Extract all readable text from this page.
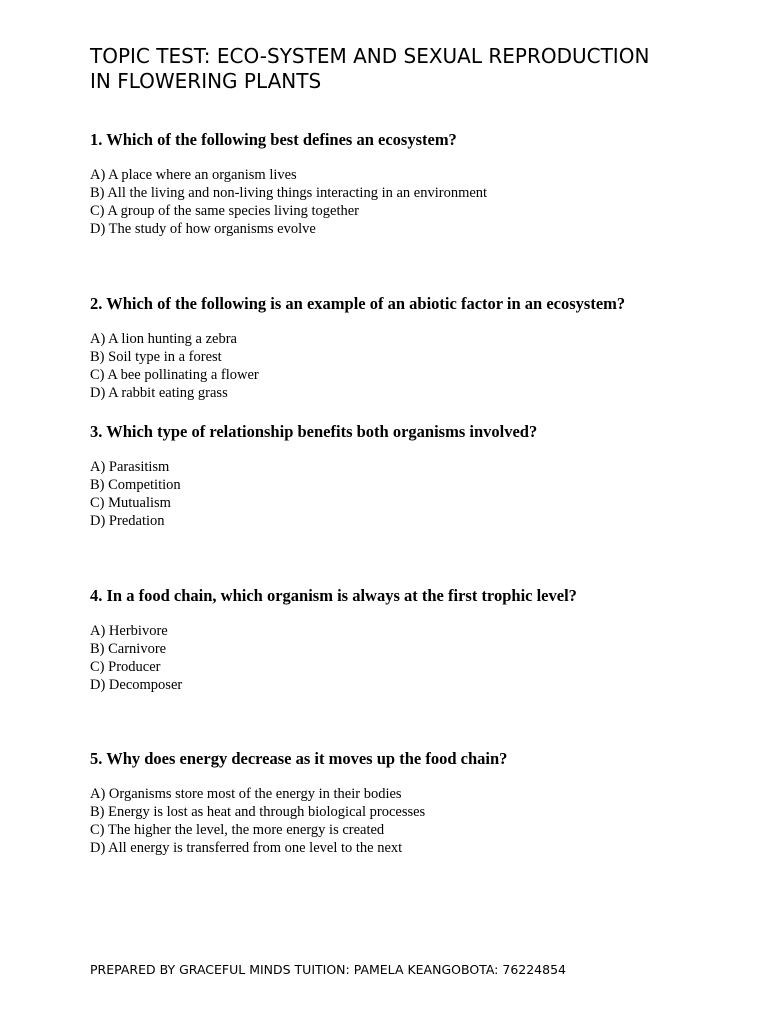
TOPIC TEST: ECO-SYSTEM AND SEXUAL REPRODUCTION
IN FLOWERING PLANTS

1. Which of the following best defines an ecosystem?

A) A place where an organism lives
B) All the living and non-living things interacting in an environment
C) A group of the same species living together
D) The study of how organisms evolve

2. Which of the following is an example of an abiotic factor in an ecosystem?

A) A lion hunting a zebra
B) Soil type in a forest
C) A bee pollinating a flower
D) A rabbit eating grass

3. Which type of relationship benefits both organisms involved?

A) Parasitism
B) Competition
C) Mutualism
D) Predation

4. In a food chain, which organism is always at the first trophic level?

A) Herbivore
B) Carnivore
C) Producer
D) Decomposer

5. Why does energy decrease as it moves up the food chain?

A) Organisms store most of the energy in their bodies
B) Energy is lost as heat and through biological processes
C) The higher the level, the more energy is created
D) All energy is transferred from one level to the next
PREPARED BY GRACEFUL MINDS TUITION: PAMELA KEANGOBOTA: 76224854
